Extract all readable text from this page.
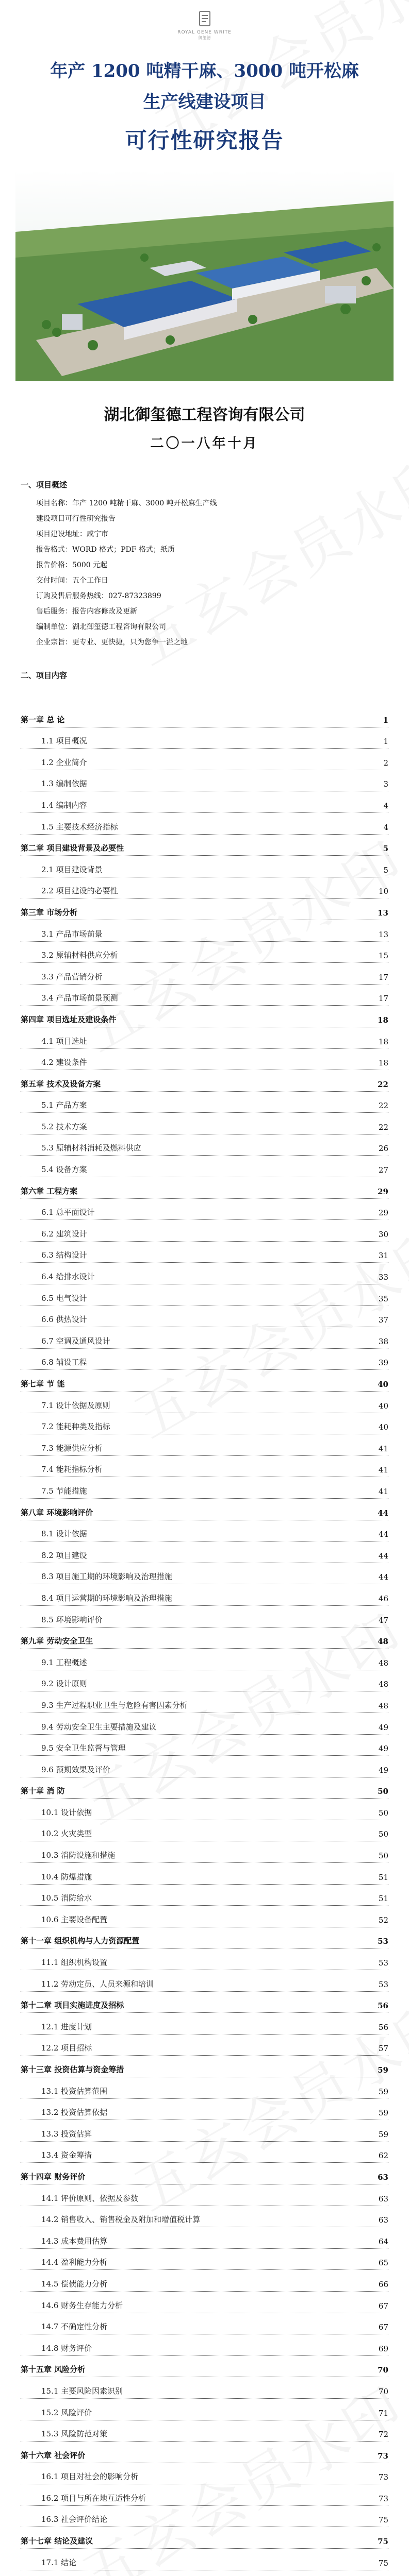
ROYAL GENE WRITE
御玺德
年产 1200 吨精干麻、3000 吨开松麻
生产线建设项目
可行性研究报告
湖北御玺德工程咨询有限公司
二〇一八年十月
一、项目概述
项目名称：年产 1200 吨精干麻、3000 吨开松麻生产线
建设项目可行性研究报告
项目建设地址：咸宁市
报告格式：WORD 格式；PDF 格式；纸质
报告价格：5000 元起
交付时间：五个工作日
订购及售后服务热线：027-87323899
售后服务：报告内容修改及更新
编制单位：湖北御玺德工程咨询有限公司
企业宗旨：更专业、更快捷，只为您争一溢之地
二、项目内容
第一章 总 论	1
1.1 项目概况	1
1.2 企业简介	2
1.3 编制依据	3
1.4 编制内容	4
1.5 主要技术经济指标	4
第二章 项目建设背景及必要性	5
2.1 项目建设背景	5
2.2 项目建设的必要性	10
第三章 市场分析	13
3.1 产品市场前景	13
3.2 原辅材料供应分析	15
3.3 产品营销分析	17
3.4 产品市场前景预测	17
第四章 项目选址及建设条件	18
4.1 项目选址	18
4.2 建设条件	18
第五章 技术及设备方案	22
5.1 产品方案	22
5.2 技术方案	22
5.3 原辅材料消耗及燃料供应	26
5.4 设备方案	27
第六章 工程方案	29
6.1 总平面设计	29
6.2 建筑设计	30
6.3 结构设计	31
6.4 给排水设计	33
6.5 电气设计	35
6.6 供热设计	37
6.7 空调及通风设计	38
6.8 辅设工程	39
第七章 节 能	40
7.1 设计依据及原则	40
7.2 能耗种类及指标	40
7.3 能源供应分析	41
7.4 能耗指标分析	41
7.5 节能措施	41
第八章 环境影响评价	44
8.1 设计依据	44
8.2 项目建设	44
8.3 项目施工期的环境影响及治理措施	44
8.4 项目运营期的环境影响及治理措施	46
8.5 环境影响评价	47
第九章 劳动安全卫生	48
9.1 工程概述	48
9.2 设计原则	48
9.3 生产过程职业卫生与危险有害因素分析	48
9.4 劳动安全卫生主要措施及建议	49
9.5 安全卫生监督与管理	49
9.6 预期效果及评价	49
第十章 消 防	50
10.1 设计依据	50
10.2 火灾类型	50
10.3 消防设施和措施	50
10.4 防爆措施	51
10.5 消防给水	51
10.6 主要设备配置	52
第十一章 组织机构与人力资源配置	53
11.1 组织机构设置	53
11.2 劳动定员、人员来源和培训	53
第十二章 项目实施进度及招标	56
12.1 进度计划	56
12.2 项目招标	57
第十三章 投资估算与资金筹措	59
13.1 投资估算范围	59
13.2 投资估算依据	59
13.3 投资估算	59
13.4 资金筹措	62
第十四章 财务评价	63
14.1 评价原则、依据及参数	63
14.2 销售收入、销售税金及附加和增值税计算	63
14.3 成本费用估算	64
14.4 盈利能力分析	65
14.5 偿债能力分析	66
14.6 财务生存能力分析	67
14.7 不确定性分析	67
14.8 财务评价	69
第十五章 风险分析	70
15.1 主要风险因素识别	70
15.2 风险评价	71
15.3 风险防范对策	72
第十六章 社会评价	73
16.1 项目对社会的影响分析	73
16.2 项目与所在地互适性分析	73
16.3 社会评价结论	75
第十七章 结论及建议	75
17.1 结论	75
